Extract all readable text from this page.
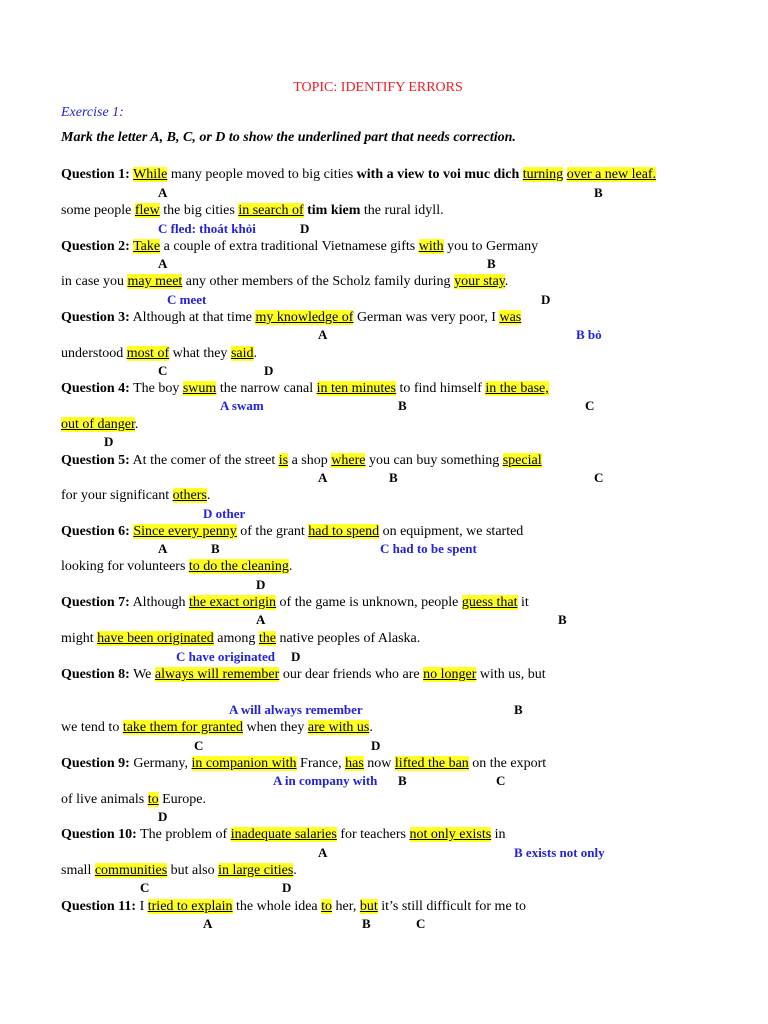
TOPIC: IDENTIFY ERRORS
Exercise 1:
Mark the letter A, B, C, or D to show the underlined part that needs correction.
Question 1: While many people moved to big cities with a view to voi muc dich turning over a new leaf.
A	B
some people flew the big cities in search of tim kiem the rural idyll.
C fled: thoát khỏi	D
Question 2: Take a couple of extra traditional Vietnamese gifts with you to Germany
A	B
in case you may meet any other members of the Scholz family during your stay.
C meet	D
Question 3: Although at that time my knowledge of German was very poor, I was
A	B bỏ
understood most of what they said.
C	D
Question 4: The boy swum the narrow canal in ten minutes to find himself in the base,
A swam	B	C
out of danger.
D
Question 5: At the comer of the street is a shop where you can buy something special
A	B	C
for your significant others.
D other
Question 6: Since every penny of the grant had to spend on equipment, we started
A	B	C had to be spent
looking for volunteers to do the cleaning.
D
Question 7: Although the exact origin of the game is unknown, people guess that it
A	B
might have been originated among the native peoples of Alaska.
C have originated D
Question 8: We always will remember our dear friends who are no longer with us, but
A will always remember	B
we tend to take them for granted when they are with us.
C	D
Question 9: Germany, in companion with France, has now lifted the ban on the export
A in company with B	C
of live animals to Europe.
D
Question 10: The problem of inadequate salaries for teachers not only exists in
A	B exists not only
small communities but also in large cities.
C	D
Question 11: I tried to explain the whole idea to her, but it’s still difficult for me to
A	B	C
